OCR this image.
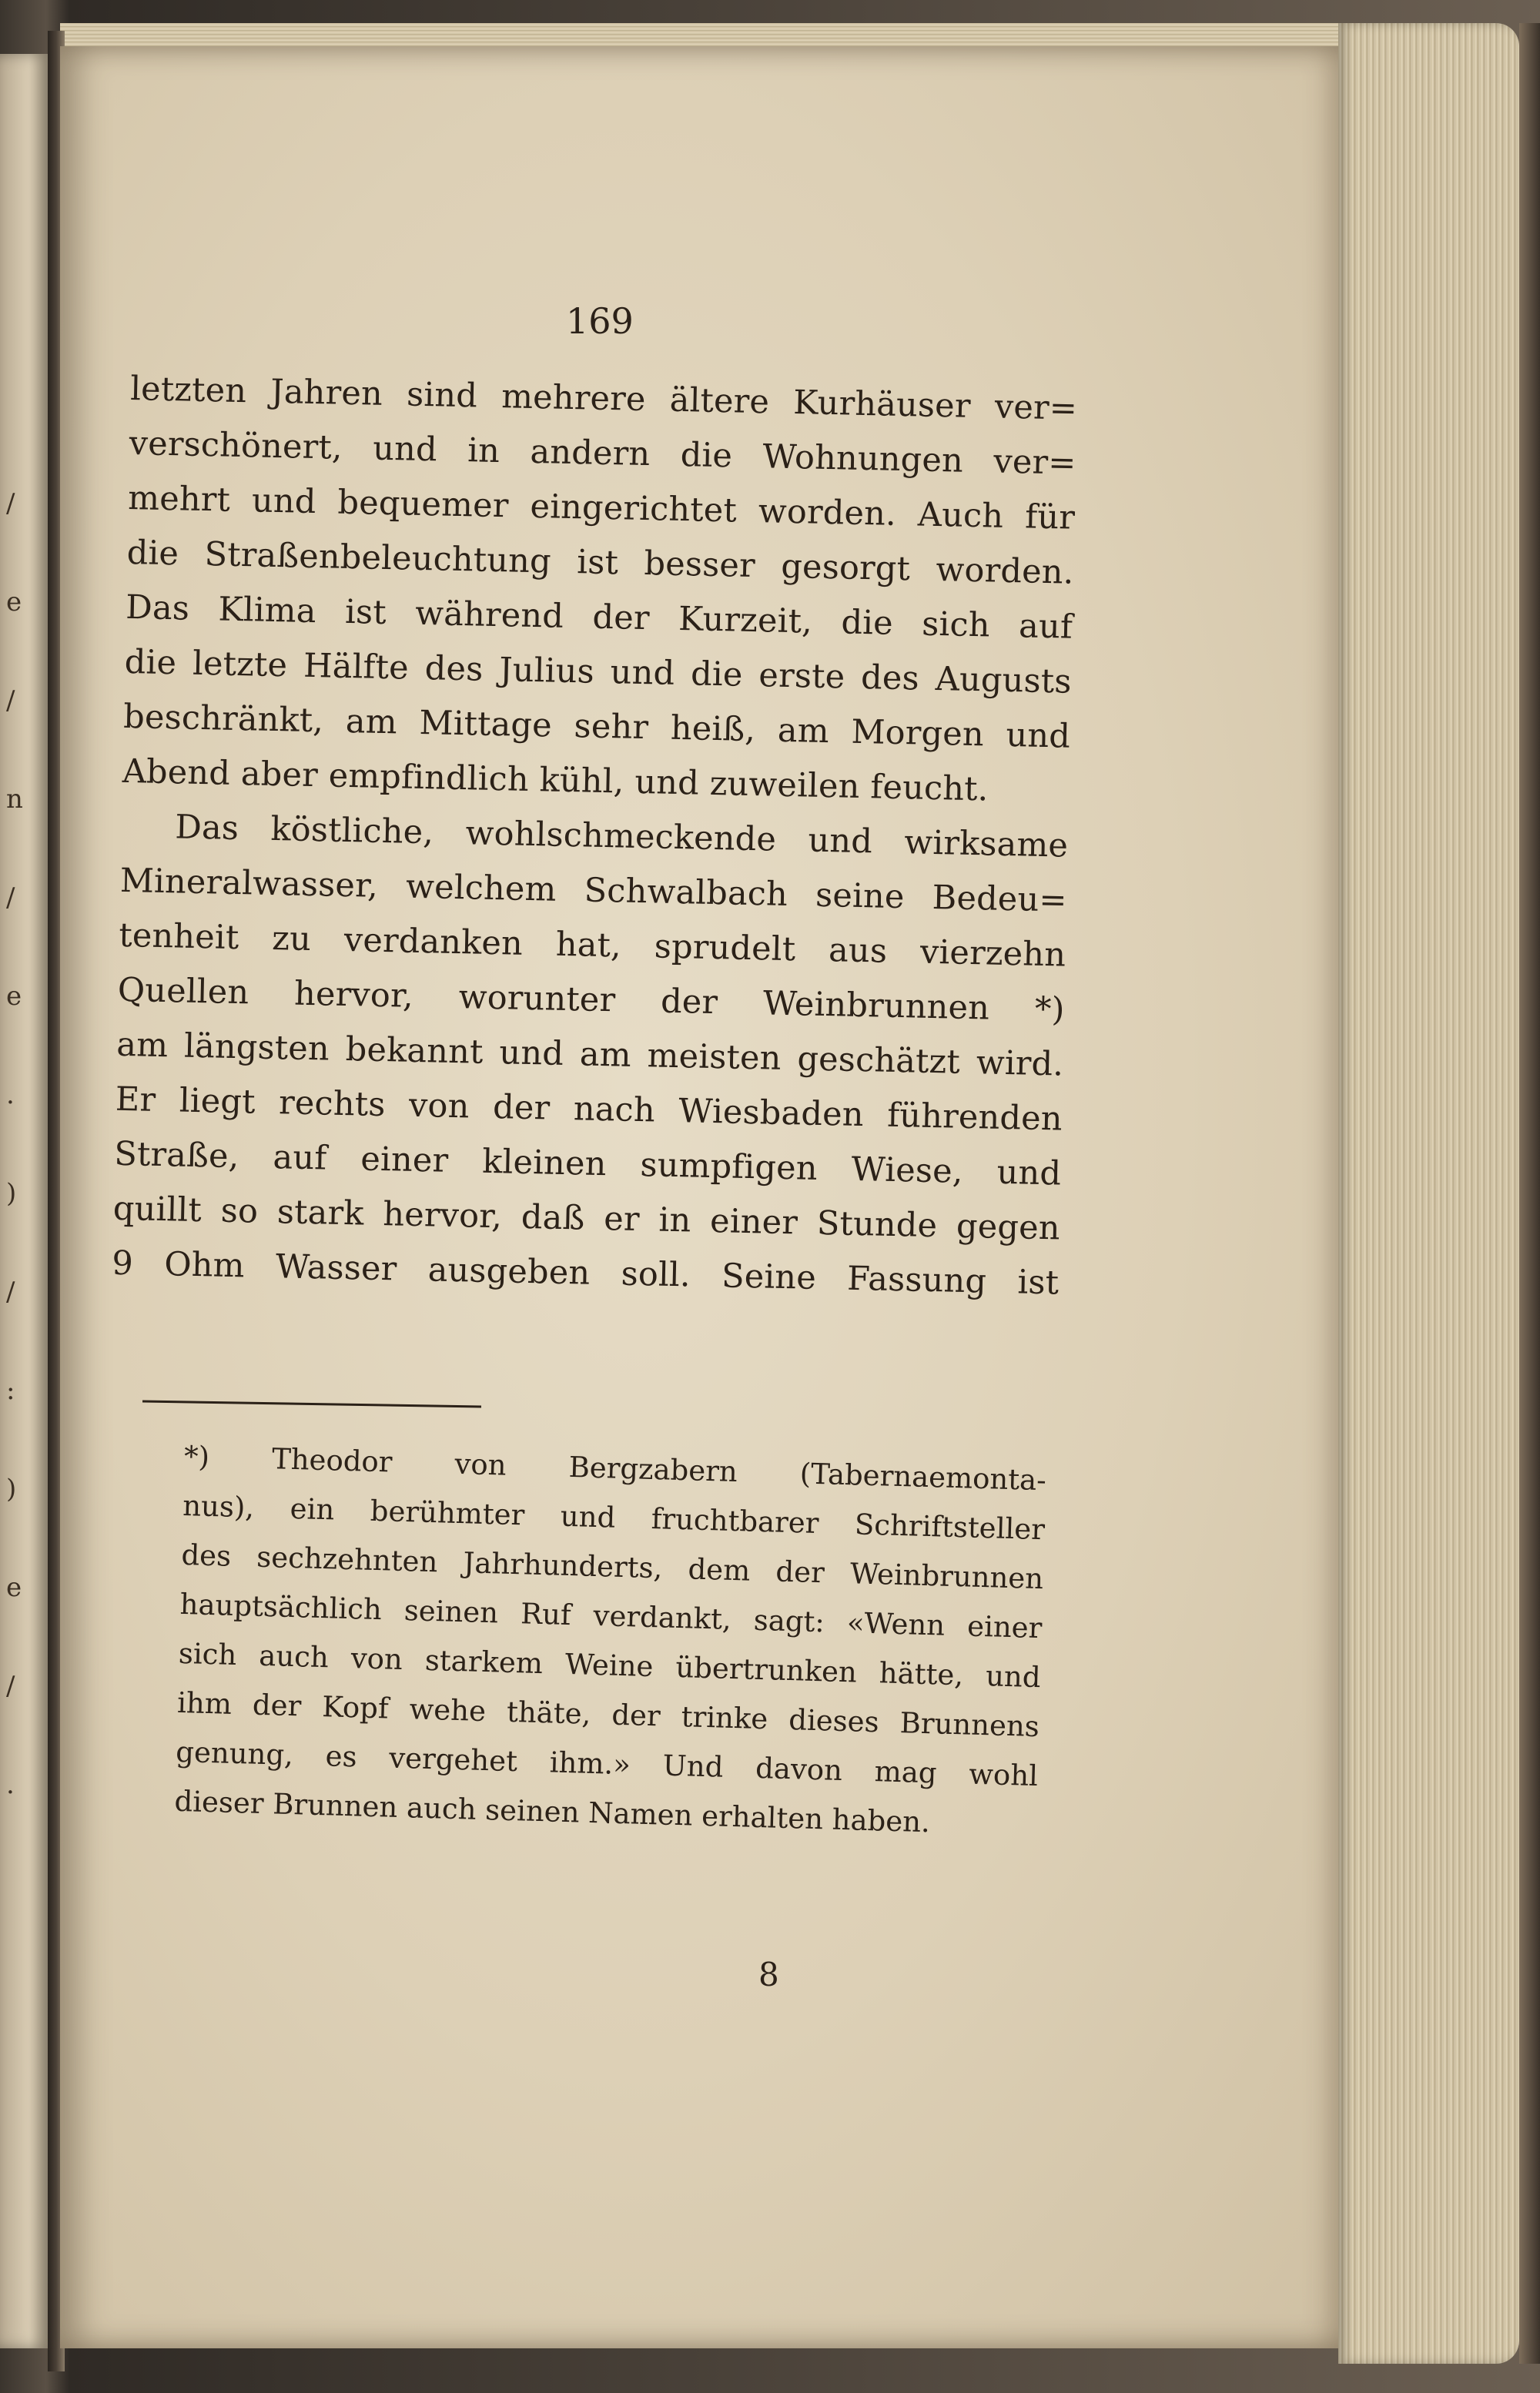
/
e
/
n
/
e
.
)
/
:
)
e
/
.
169
letzten Jahren sind mehrere ältere Kurhäuser ver=
verschönert, und in andern die Wohnungen ver=
mehrt und bequemer eingerichtet worden. Auch für
die Straßenbeleuchtung ist besser gesorgt worden.
Das Klima ist während der Kurzeit, die sich auf
die letzte Hälfte des Julius und die erste des Augusts
beschränkt, am Mittage sehr heiß, am Morgen und
Abend aber empfindlich kühl, und zuweilen feucht.
Das köstliche, wohlschmeckende und wirksame
Mineralwasser, welchem Schwalbach seine Bedeu=
tenheit zu verdanken hat, sprudelt aus vierzehn
Quellen hervor, worunter der Weinbrunnen *)
am längsten bekannt und am meisten geschätzt wird.
Er liegt rechts von der nach Wiesbaden führenden
Straße, auf einer kleinen sumpfigen Wiese, und
quillt so stark hervor, daß er in einer Stunde gegen
9 Ohm Wasser ausgeben soll. Seine Fassung ist
*) Theodor von Bergzabern (Tabernaemonta-
nus), ein berühmter und fruchtbarer Schriftsteller
des sechzehnten Jahrhunderts, dem der Weinbrunnen
hauptsächlich seinen Ruf verdankt, sagt: «Wenn einer
sich auch von starkem Weine übertrunken hätte, und
ihm der Kopf wehe thäte, der trinke dieses Brunnens
genung, es vergehet ihm.» Und davon mag wohl
dieser Brunnen auch seinen Namen erhalten haben.
8
